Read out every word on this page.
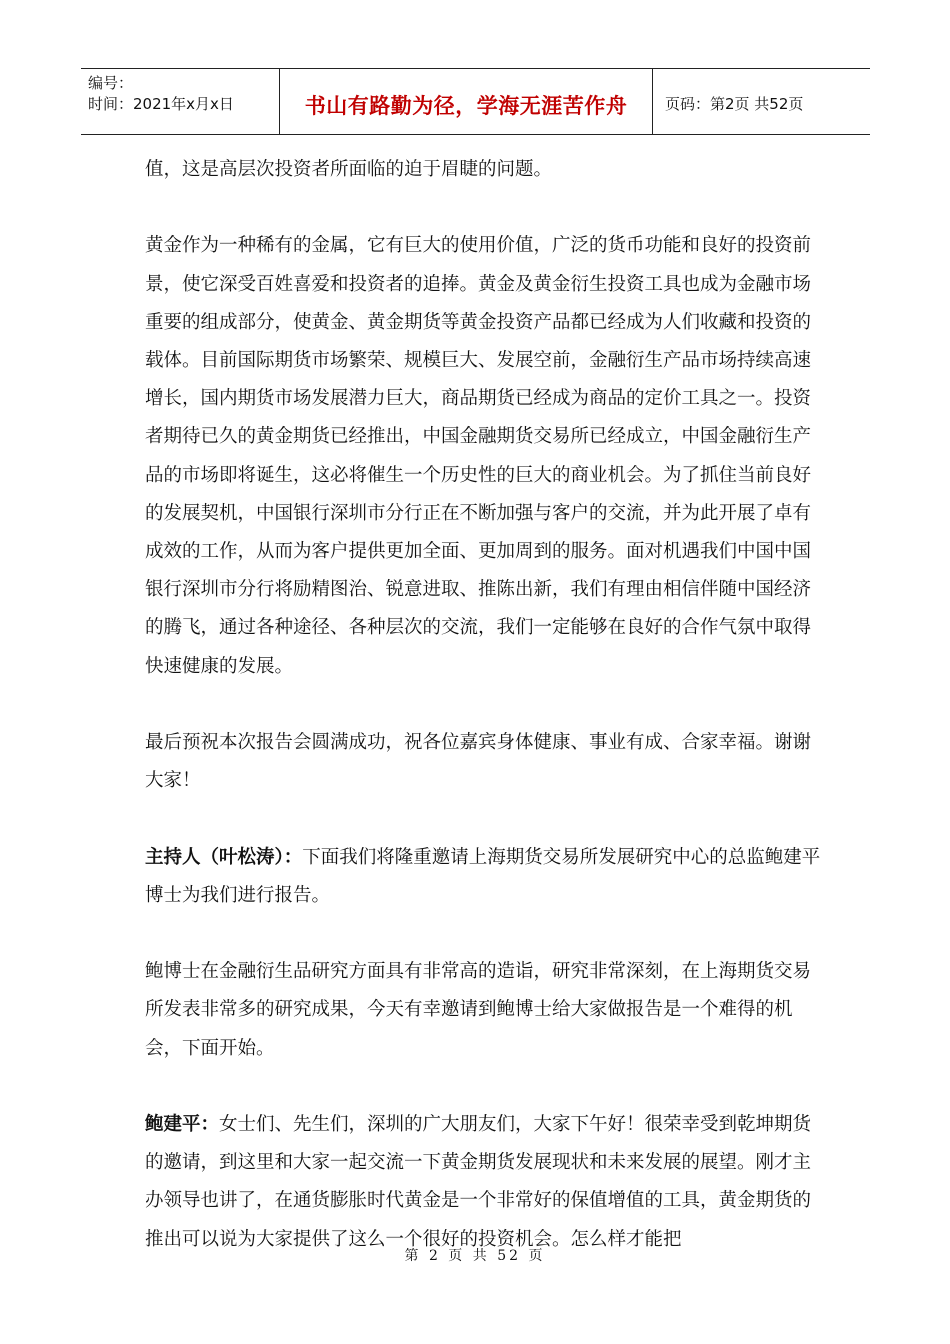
编号：
时间：2021年x月x日	书山有路勤为径，学海无涯苦作舟	页码：第2页 共52页

值，这是高层次投资者所面临的迫于眉睫的问题。

黄金作为一种稀有的金属，它有巨大的使用价值，广泛的货币功能和良好的投资前景，使它深受百姓喜爱和投资者的追捧。黄金及黄金衍生投资工具也成为金融市场重要的组成部分，使黄金、黄金期货等黄金投资产品都已经成为人们收藏和投资的载体。目前国际期货市场繁荣、规模巨大、发展空前，金融衍生产品市场持续高速增长，国内期货市场发展潜力巨大，商品期货已经成为商品的定价工具之一。投资者期待已久的黄金期货已经推出，中国金融期货交易所已经成立，中国金融衍生产品的市场即将诞生，这必将催生一个历史性的巨大的商业机会。为了抓住当前良好的发展契机，中国银行深圳市分行正在不断加强与客户的交流，并为此开展了卓有成效的工作，从而为客户提供更加全面、更加周到的服务。面对机遇我们中国中国银行深圳市分行将励精图治、锐意进取、推陈出新，我们有理由相信伴随中国经济的腾飞，通过各种途径、各种层次的交流，我们一定能够在良好的合作气氛中取得快速健康的发展。

最后预祝本次报告会圆满成功，祝各位嘉宾身体健康、事业有成、合家幸福。谢谢大家！

主持人（叶松涛）：下面我们将隆重邀请上海期货交易所发展研究中心的总监鲍建平博士为我们进行报告。

鲍博士在金融衍生品研究方面具有非常高的造诣，研究非常深刻，在上海期货交易所发表非常多的研究成果，今天有幸邀请到鲍博士给大家做报告是一个难得的机会，下面开始。

鲍建平：女士们、先生们，深圳的广大朋友们，大家下午好！很荣幸受到乾坤期货的邀请，到这里和大家一起交流一下黄金期货发展现状和未来发展的展望。刚才主办领导也讲了，在通货膨胀时代黄金是一个非常好的保值增值的工具，黄金期货的推出可以说为大家提供了这么一个很好的投资机会。怎么样才能把

第 2 页 共 52 页
